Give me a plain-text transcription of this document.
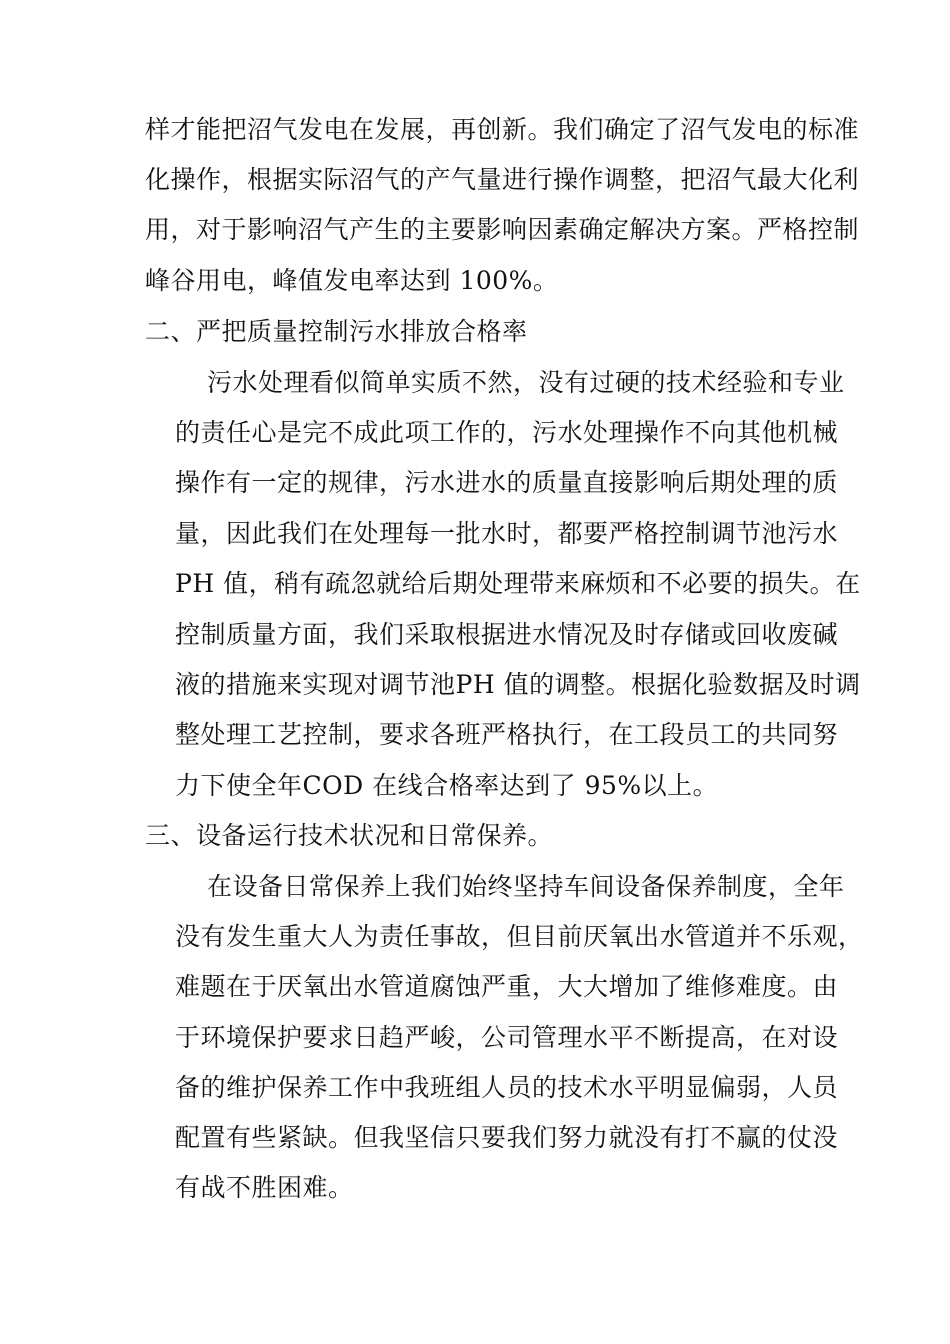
样才能把沼气发电在发展，再创新。我们确定了沼气发电的标准
化操作，根据实际沼气的产气量进行操作调整，把沼气最大化利
用，对于影响沼气产生的主要影响因素确定解决方案。严格控制
峰谷用电，峰值发电率达到 100%。
二、严把质量控制污水排放合格率
污水处理看似简单实质不然，没有过硬的技术经验和专业
的责任心是完不成此项工作的，污水处理操作不向其他机械
操作有一定的规律，污水进水的质量直接影响后期处理的质
量，因此我们在处理每一批水时，都要严格控制调节池污水
PH 值，稍有疏忽就给后期处理带来麻烦和不必要的损失。在
控制质量方面，我们采取根据进水情况及时存储或回收废碱
液的措施来实现对调节池PH 值的调整。根据化验数据及时调
整处理工艺控制，要求各班严格执行，在工段员工的共同努
力下使全年COD 在线合格率达到了 95%以上。
三、设备运行技术状况和日常保养。
在设备日常保养上我们始终坚持车间设备保养制度，全年
没有发生重大人为责任事故，但目前厌氧出水管道并不乐观，
难题在于厌氧出水管道腐蚀严重，大大增加了维修难度。由
于环境保护要求日趋严峻，公司管理水平不断提高，在对设
备的维护保养工作中我班组人员的技术水平明显偏弱，人员
配置有些紧缺。但我坚信只要我们努力就没有打不赢的仗没
有战不胜困难。
